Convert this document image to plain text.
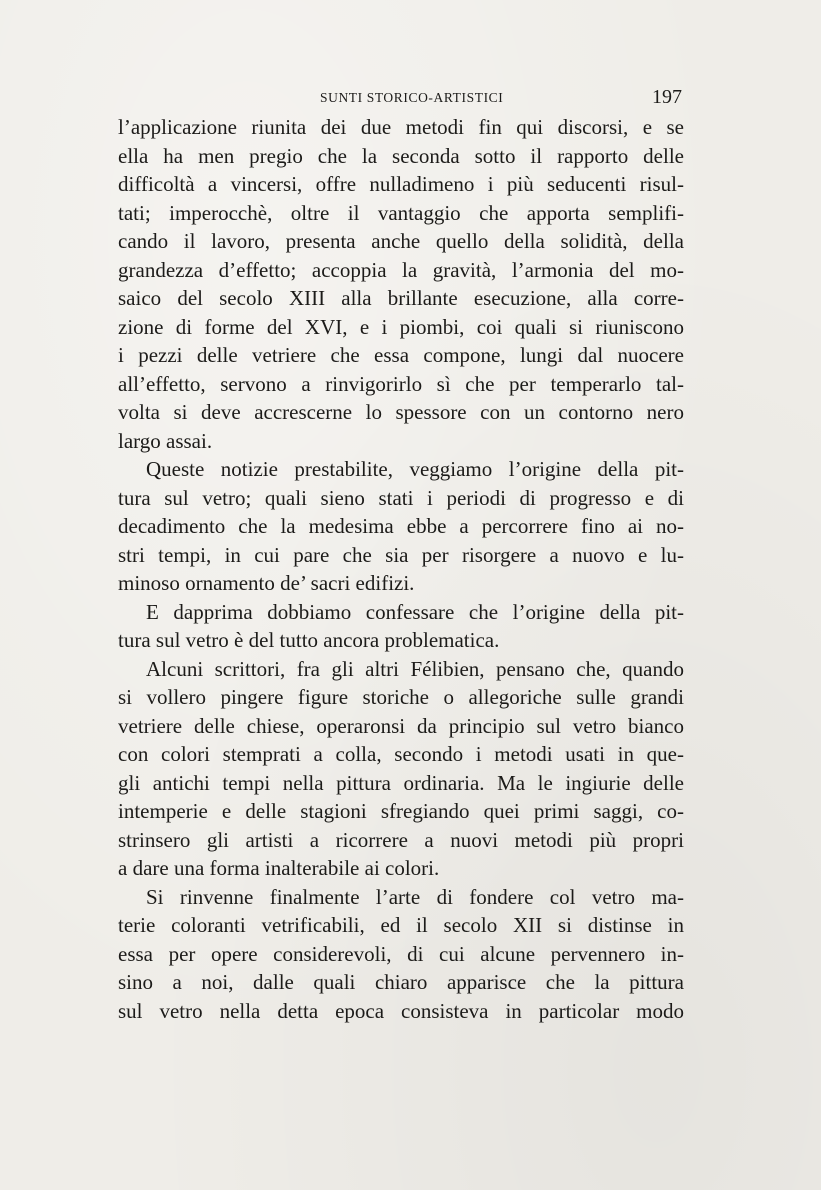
SUNTI STORICO-ARTISTICI	197
l’applicazione riunita dei due metodi fin qui discorsi, e se
ella ha men pregio che la seconda sotto il rapporto delle
difficoltà a vincersi, offre nulladimeno i più seducenti risul-
tati; imperocchè, oltre il vantaggio che apporta semplifi-
cando il lavoro, presenta anche quello della solidità, della
grandezza d’effetto; accoppia la gravità, l’armonia del mo-
saico del secolo XIII alla brillante esecuzione, alla corre-
zione di forme del XVI, e i piombi, coi quali si riuniscono
i pezzi delle vetriere che essa compone, lungi dal nuocere
all’effetto, servono a rinvigorirlo sì che per temperarlo tal-
volta si deve accrescerne lo spessore con un contorno nero
largo assai.
Queste notizie prestabilite, veggiamo l’origine della pit-
tura sul vetro; quali sieno stati i periodi di progresso e di
decadimento che la medesima ebbe a percorrere fino ai no-
stri tempi, in cui pare che sia per risorgere a nuovo e lu-
minoso ornamento de’ sacri edifizi.
E dapprima dobbiamo confessare che l’origine della pit-
tura sul vetro è del tutto ancora problematica.
Alcuni scrittori, fra gli altri Félibien, pensano che, quando
si vollero pingere figure storiche o allegoriche sulle grandi
vetriere delle chiese, operaronsi da principio sul vetro bianco
con colori stemprati a colla, secondo i metodi usati in que-
gli antichi tempi nella pittura ordinaria. Ma le ingiurie delle
intemperie e delle stagioni sfregiando quei primi saggi, co-
strinsero gli artisti a ricorrere a nuovi metodi più propri
a dare una forma inalterabile ai colori.
Si rinvenne finalmente l’arte di fondere col vetro ma-
terie coloranti vetrificabili, ed il secolo XII si distinse in
essa per opere considerevoli, di cui alcune pervennero in-
sino a noi, dalle quali chiaro apparisce che la pittura
sul vetro nella detta epoca consisteva in particolar modo
